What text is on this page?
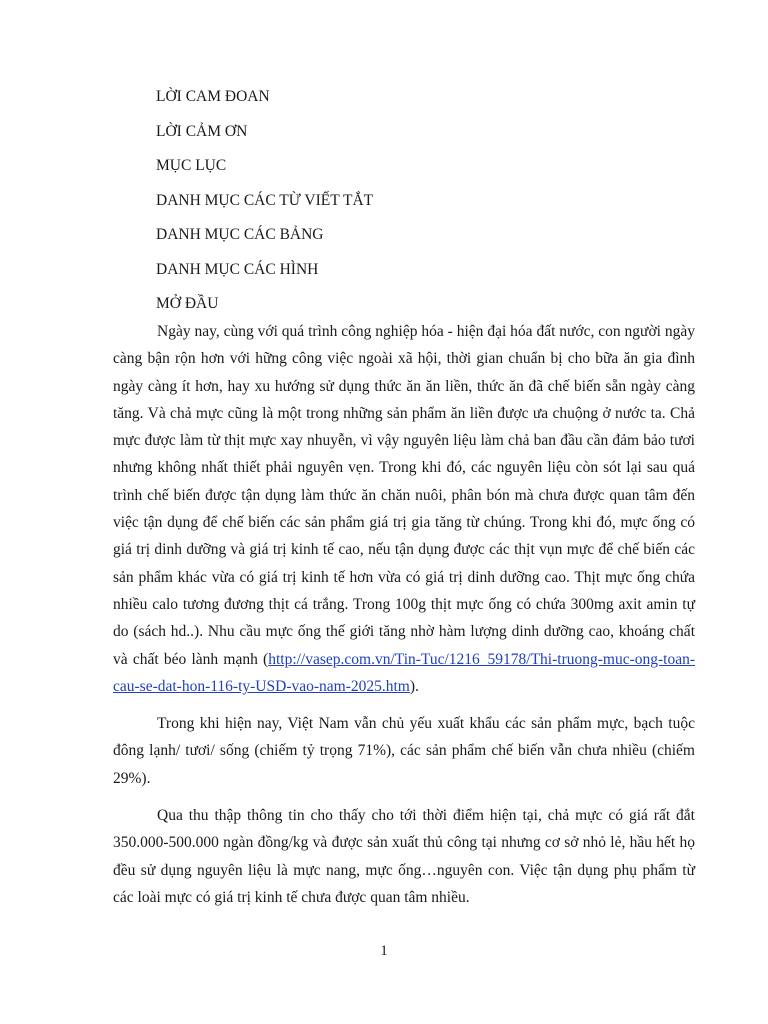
LỜI CAM ĐOAN
LỜI CẢM ƠN
MỤC LỤC
DANH MỤC CÁC TỪ VIẾT TẮT
DANH MỤC CÁC BẢNG
DANH MỤC CÁC HÌNH
MỞ ĐẦU

Ngày nay, cùng với quá trình công nghiệp hóa - hiện đại hóa đất nước, con người ngày càng bận rộn hơn với hững công việc ngoài xã hội, thời gian chuẩn bị cho bữa ăn gia đình ngày càng ít hơn, hay xu hướng sử dụng thức ăn ăn liền, thức ăn đã chế biến sẵn ngày càng tăng. Và chả mực cũng là một trong những sản phẩm ăn liền được ưa chuộng ở nước ta. Chả mực được làm từ thịt mực xay nhuyễn, vì vậy nguyên liệu làm chả ban đầu cần đảm bảo tươi nhưng không nhất thiết phải nguyên vẹn. Trong khi đó, các nguyên liệu còn sót lại sau quá trình chế biến được tận dụng làm thức ăn chăn nuôi, phân bón mà chưa được quan tâm đến việc tận dụng để chế biến các sản phẩm giá trị gia tăng từ chúng. Trong khi đó, mực ống có giá trị dinh dưỡng và giá trị kinh tế cao, nếu tận dụng được các thịt vụn mực để chế biến các sản phẩm khác vừa có giá trị kinh tế hơn vừa có giá trị dinh dưỡng cao. Thịt mực ống chứa nhiều calo tương đương thịt cá trắng. Trong 100g thịt mực ống có chứa 300mg axit amin tự do (sách hd..). Nhu cầu mực ống thế giới tăng nhờ hàm lượng dinh dưỡng cao, khoáng chất và chất béo lành mạnh (http://vasep.com.vn/Tin-Tuc/1216_59178/Thi-truong-muc-ong-toan-cau-se-dat-hon-116-ty-USD-vao-nam-2025.htm).

Trong khi hiện nay, Việt Nam vẫn chủ yếu xuất khẩu các sản phẩm mực, bạch tuộc đông lạnh/ tươi/ sống (chiếm tỷ trọng 71%), các sản phẩm chế biến vẫn chưa nhiều (chiếm 29%).

Qua thu thập thông tin cho thấy cho tới thời điểm hiện tại, chả mực có giá rất đắt 350.000-500.000 ngàn đồng/kg và được sản xuất thủ công tại nhưng cơ sở nhỏ lẻ, hầu hết họ đều sử dụng nguyên liệu là mực nang, mực ống…nguyên con. Việc tận dụng phụ phẩm từ các loài mực có giá trị kinh tế chưa được quan tâm nhiều.

1
